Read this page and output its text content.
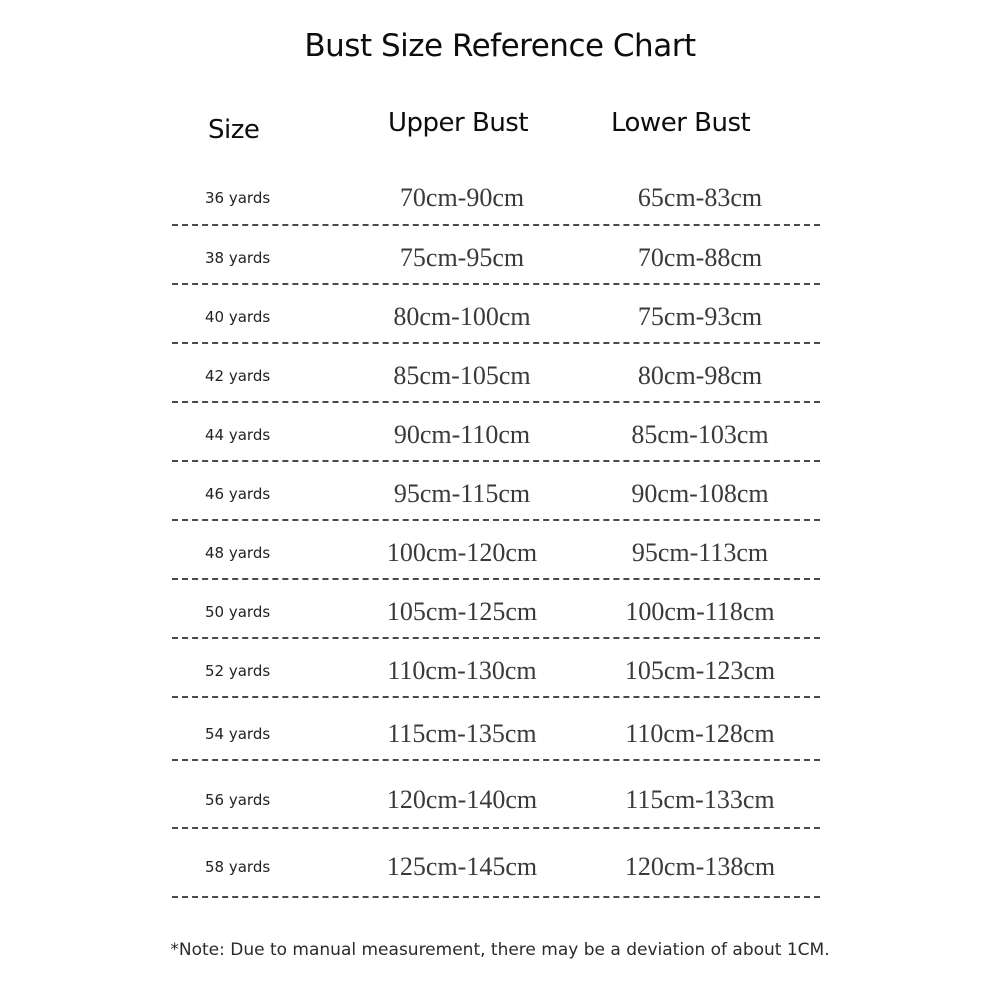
Bust Size Reference Chart
Size	Upper Bust	Lower Bust
36 yards	70cm-90cm	65cm-83cm
38 yards	75cm-95cm	70cm-88cm
40 yards	80cm-100cm	75cm-93cm
42 yards	85cm-105cm	80cm-98cm
44 yards	90cm-110cm	85cm-103cm
46 yards	95cm-115cm	90cm-108cm
48 yards	100cm-120cm	95cm-113cm
50 yards	105cm-125cm	100cm-118cm
52 yards	110cm-130cm	105cm-123cm
54 yards	115cm-135cm	110cm-128cm
56 yards	120cm-140cm	115cm-133cm
58 yards	125cm-145cm	120cm-138cm
*Note: Due to manual measurement, there may be a deviation of about 1CM.
